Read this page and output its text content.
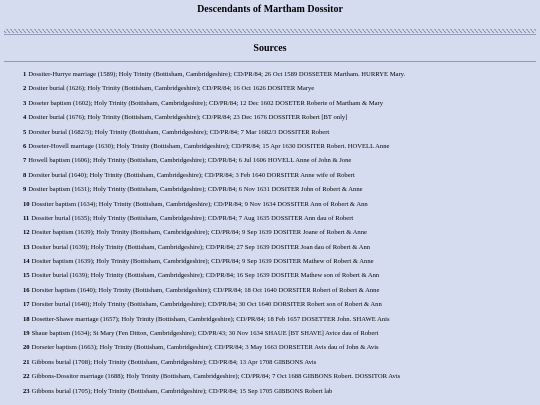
Descendants of Martham Dossitor
Sources
1 Dossiter-Hurrye marriage (1589); Holy Trinity (Bottisham, Cambridgeshire); CD/PR/84; 26 Oct 1589 DOSSETER Martham. HURRYE Mary.
2 Dositer burial (1626); Holy Trinity (Bottisham, Cambridgeshire); CD/PR/84; 16 Oct 1626 DOSITER Marye
3 Doseter baptism (1602); Holy Trinity (Bottisham, Cambridgeshire); CD/PR/84; 12 Dec 1602 DOSETER Roberte of Martham & Mary
4 Dositer burial (1676); Holy Trinity (Bottisham, Cambridgeshire); CD/PR/84; 23 Dec 1676 DOSSITER Robert [BT only]
5 Dorsiter burial (1682/3); Holy Trinity (Bottisham, Cambridgeshire); CD/PR/84; 7 Mar 1682/3 DOSSITER Robert
6 Doseter-Hovell marriage (1630); Holy Trinity (Bottisham, Cambridgeshire); CD/PR/84; 15 Apr 1630 DOSITER Robert. HOVELL Anne
7 Howell baptism (1606); Holy Trinity (Bottisham, Cambridgeshire); CD/PR/84; 6 Jul 1606 HOVELL Anne of John & Jone
8 Dorsiter burial (1640); Holy Trinity (Bottisham, Cambridgeshire); CD/PR/84; 3 Feb 1640 DORSITER Anne wife of Robert
9 Dositer baptism (1631); Holy Trinity (Bottisham, Cambridgeshire); CD/PR/84; 6 Nov 1631 DOSITER John of Robert & Anne
10 Dossiter baptism (1634); Holy Trinity (Bottisham, Cambridgeshire); CD/PR/84; 9 Nov 1634 DOSSITER Ann of Robert & Ann
11 Dossiter burial (1635); Holy Trinity (Bottisham, Cambridgeshire); CD/PR/84; 7 Aug 1635 DOSSITER Ann dau of Robert
12 Dositer baptism (1639); Holy Trinity (Bottisham, Cambridgeshire); CD/PR/84; 9 Sep 1639 DOSITER Joane of Robert & Anne
13 Dositer burial (1639); Holy Trinity (Bottisham, Cambridgeshire); CD/PR/84; 27 Sep 1639 DOSITER Joan dau of Robert & Ann
14 Dositer baptism (1639); Holy Trinity (Bottisham, Cambridgeshire); CD/PR/84; 9 Sep 1639 DOSITER Mathew of Robert & Anne
15 Dositer burial (1639); Holy Trinity (Bottisham, Cambridgeshire); CD/PR/84; 16 Sep 1639 DOSITER Mathew son of Robert & Ann
16 Dorsiter baptism (1640); Holy Trinity (Bottisham, Cambridgeshire); CD/PR/84; 18 Oct 1640 DORSITER Robert of Robert & Anne
17 Dorsiter burial (1640); Holy Trinity (Bottisham, Cambridgeshire); CD/PR/84; 30 Oct 1640 DORSITER Robert son of Robert & Ann
18 Dosetter-Shawe marriage (1657); Holy Trinity (Bottisham, Cambridgeshire); CD/PR/84; 18 Feb 1657 DOSETTER John. SHAWE Anis
19 Shaue baptism (1634); St Mary (Fen Ditton, Cambridgeshire); CD/PR/43; 30 Nov 1634 SHAUE [BT SHAVE] Avice dau of Robert
20 Dorseter baptism (1663); Holy Trinity (Bottisham, Cambridgeshire); CD/PR/84; 3 May 1663 DORSETER Avis dau of John & Avis
21 Gibbons burial (1708); Holy Trinity (Bottisham, Cambridgeshire); CD/PR/84; 13 Apr 1708 GIBBONS Avis
22 Gibbons-Dossitor marriage (1688); Holy Trinity (Bottisham, Cambridgeshire); CD/PR/84; 7 Oct 1688 GIBBONS Robert. DOSSITOR Avis
23 Gibbons burial (1705); Holy Trinity (Bottisham, Cambridgeshire); CD/PR/84; 15 Sep 1705 GIBBONS Robert lab
